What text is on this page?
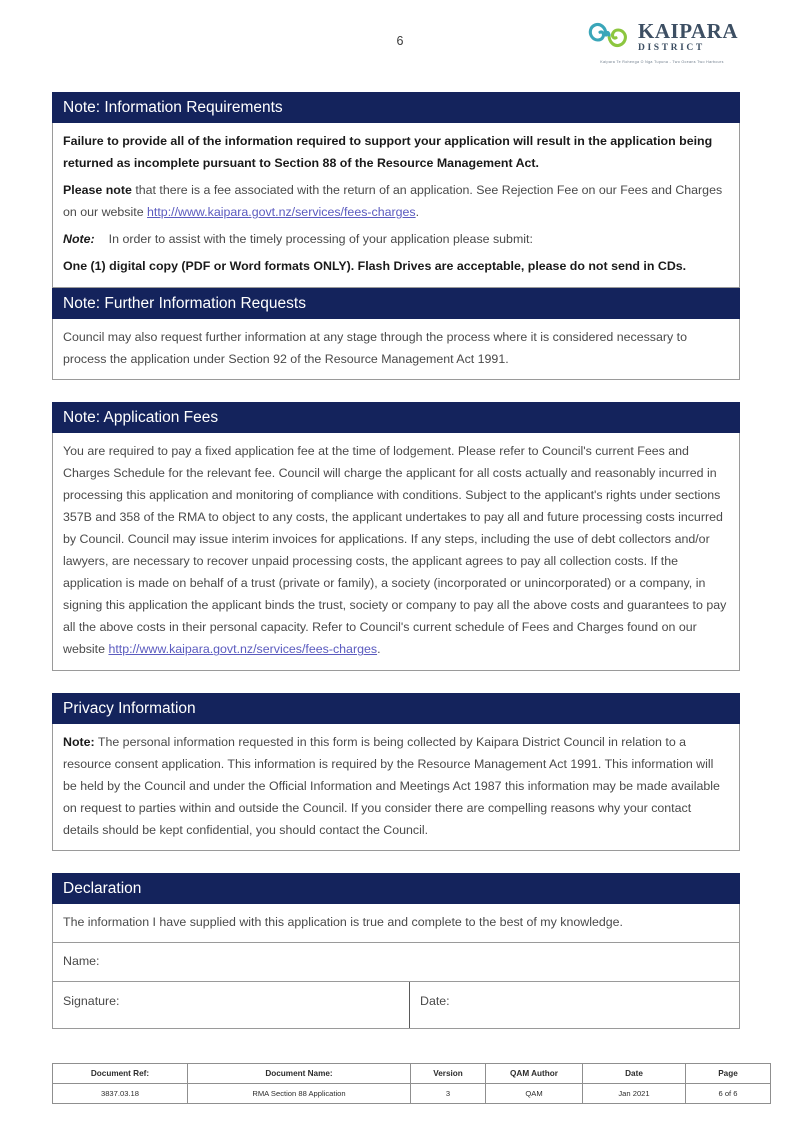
6	KAIPARA
DISTRICT
Kaipara Te Rohenga O Nga Tupuna - Two Oceans Two Harbours
Note: Information Requirements

Failure to provide all of the information required to support your application will result in the application being returned as incomplete pursuant to Section 88 of the Resource Management Act.

Please note that there is a fee associated with the return of an application. See Rejection Fee on our Fees and Charges on our website http://www.kaipara.govt.nz/services/fees-charges.

Note: In order to assist with the timely processing of your application please submit:

One (1) digital copy (PDF or Word formats ONLY). Flash Drives are acceptable, please do not send in CDs.

Note: Further Information Requests

Council may also request further information at any stage through the process where it is considered necessary to process the application under Section 92 of the Resource Management Act 1991.

Note: Application Fees

You are required to pay a fixed application fee at the time of lodgement. Please refer to Council's current Fees and Charges Schedule for the relevant fee. Council will charge the applicant for all costs actually and reasonably incurred in processing this application and monitoring of compliance with conditions. Subject to the applicant's rights under sections 357B and 358 of the RMA to object to any costs, the applicant undertakes to pay all and future processing costs incurred by Council. Council may issue interim invoices for applications. If any steps, including the use of debt collectors and/or lawyers, are necessary to recover unpaid processing costs, the applicant agrees to pay all collection costs. If the application is made on behalf of a trust (private or family), a society (incorporated or unincorporated) or a company, in signing this application the applicant binds the trust, society or company to pay all the above costs and guarantees to pay all the above costs in their personal capacity. Refer to Council's current schedule of Fees and Charges found on our website http://www.kaipara.govt.nz/services/fees-charges.

Privacy Information

Note: The personal information requested in this form is being collected by Kaipara District Council in relation to a resource consent application. This information is required by the Resource Management Act 1991. This information will be held by the Council and under the Official Information and Meetings Act 1987 this information may be made available on request to parties within and outside the Council. If you consider there are compelling reasons why your contact details should be kept confidential, you should contact the Council.

Declaration

The information I have supplied with this application is true and complete to the best of my knowledge.

Name:
Signature:	Date:
Document Ref:	Document Name:	Version	QAM Author	Date	Page
3837.03.18	RMA Section 88 Application	3	QAM	Jan 2021	6 of 6
